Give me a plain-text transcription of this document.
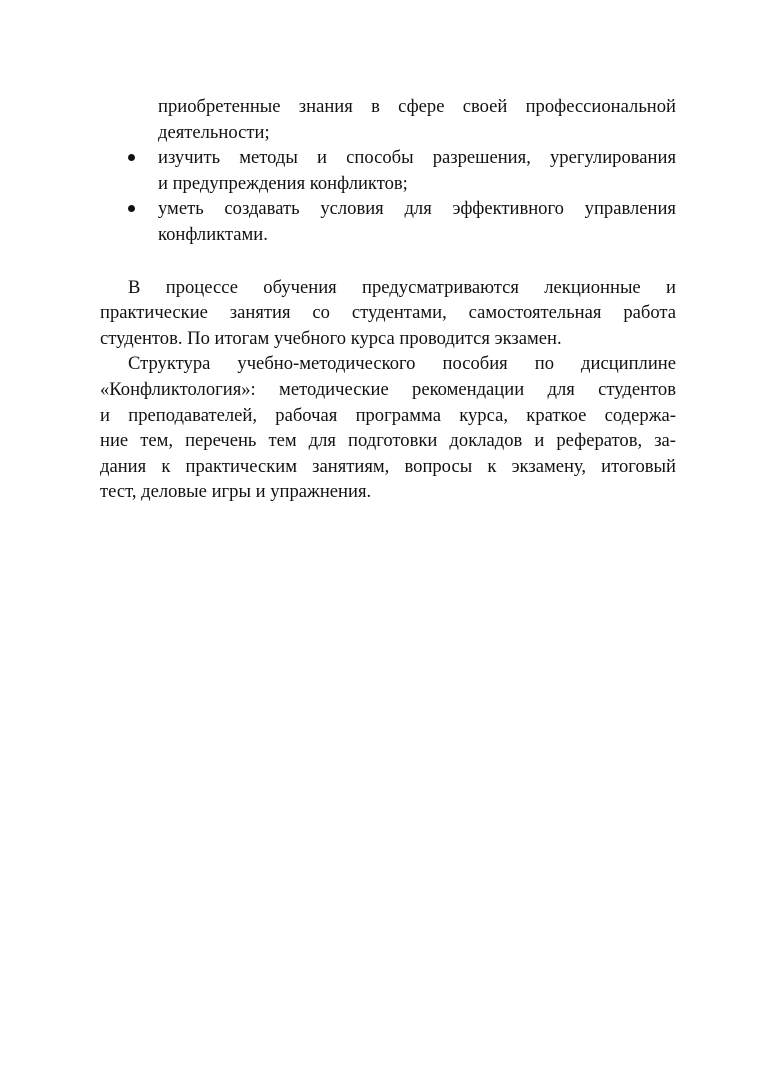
приобретенные знания в сфере своей профессиональной
деятельности;
изучить методы и способы разрешения, урегулирования
и предупреждения конфликтов;
уметь создавать условия для эффективного управления
конфликтами.
В процессе обучения предусматриваются лекционные и
практические занятия со студентами, самостоятельная работа
студентов. По итогам учебного курса проводится экзамен.
Структура учебно-методического пособия по дисциплине
«Конфликтология»: методические рекомендации для студентов
и преподавателей, рабочая программа курса, краткое содержа-
ние тем, перечень тем для подготовки докладов и рефератов, за-
дания к практическим занятиям, вопросы к экзамену, итоговый
тест, деловые игры и упражнения.
